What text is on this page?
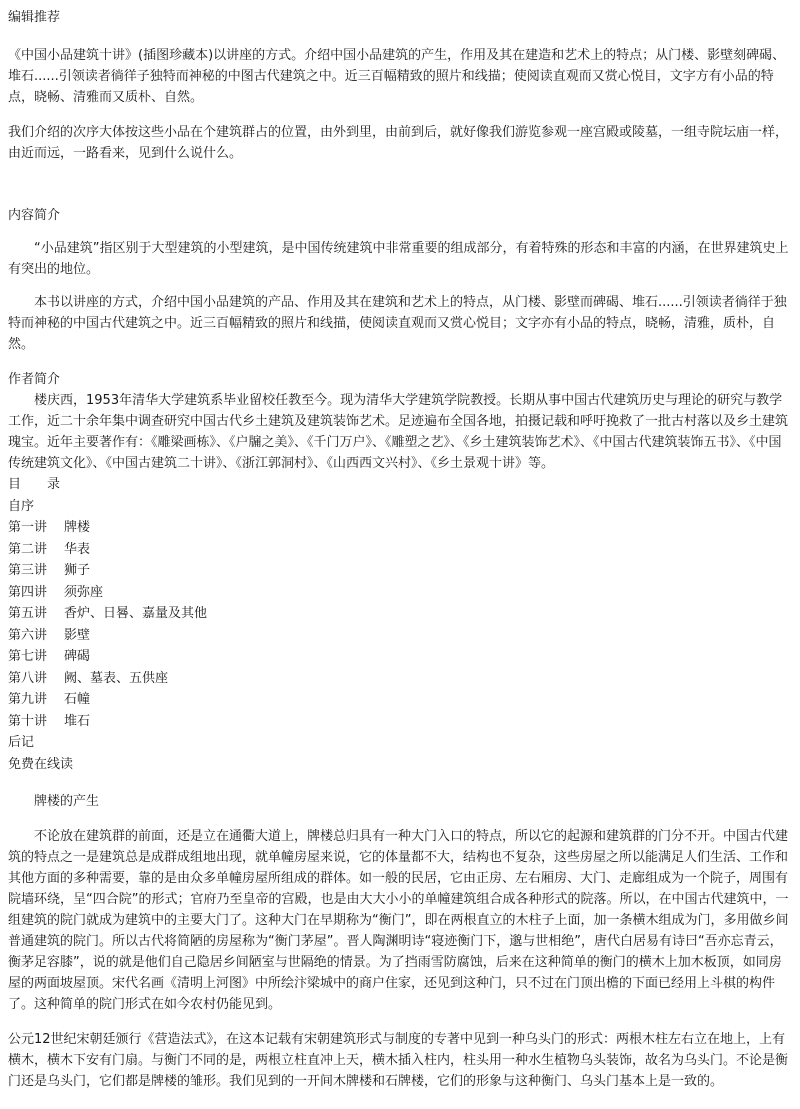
编辑推荐

《中国小品建筑十讲》(插图珍藏本)以讲座的方式。介绍中国小品建筑的产生，作用及其在建造和艺术上的特点；从门楼、影壁刻碑碣、堆石......引领读者徜徉子独特而神秘的中图古代建筑之中。近三百幅精致的照片和线描；使阅读直观而又赏心悦目，文字方有小品的特点，晓畅、清雅而又质朴、自然。

我们介绍的次序大体按这些小品在个建筑群占的位置，由外到里，由前到后，就好像我们游览参观一座宫殿或陵墓，一组寺院坛庙一样，由近而远，一路看来，见到什么说什么。

内容简介

“小品建筑”指区别于大型建筑的小型建筑，是中国传统建筑中非常重要的组成部分，有着特殊的形态和丰富的内涵，在世界建筑史上有突出的地位。

本书以讲座的方式，介绍中国小品建筑的产品、作用及其在建筑和艺术上的特点，从门楼、影壁而碑碣、堆石......引领读者徜徉于独特而神秘的中国古代建筑之中。近三百幅精致的照片和线描，使阅读直观而又赏心悦目；文字亦有小品的特点，晓畅，清雅，质朴，自然。

作者简介

楼庆西，1953年清华大学建筑系毕业留校任教至今。现为清华大学建筑学院教授。长期从事中国古代建筑历史与理论的研究与教学工作，近二十余年集中调查研究中国古代乡土建筑及建筑装饰艺术。足迹遍布全国各地，拍摄记载和呼吁挽救了一批古村落以及乡土建筑瑰宝。近年主要著作有：《雕梁画栋》、《户牖之美》、《千门万户》、《雕塑之艺》、《乡土建筑装饰艺术》、《中国古代建筑装饰五书》、《中国传统建筑文化》、《中国古建筑二十讲》、《浙江郭洞村》、《山西西文兴村》、《乡土景观十讲》等。

目　　录
自序
第一讲 牌楼
第二讲 华表
第三讲 狮子
第四讲 须弥座
第五讲 香炉、日晷、嘉量及其他
第六讲 影壁
第七讲 碑碣
第八讲 阙、墓表、五供座
第九讲 石幢
第十讲 堆石
后记
免费在线读

牌楼的产生

不论放在建筑群的前面，还是立在通衢大道上，牌楼总归具有一种大门入口的特点，所以它的起源和建筑群的门分不开。中国古代建筑的特点之一是建筑总是成群成组地出现，就单幢房屋来说，它的体量都不大，结构也不复杂，这些房屋之所以能满足人们生活、工作和其他方面的多种需要，靠的是由众多单幢房屋所组成的群体。如一般的民居，它由正房、左右厢房、大门、走廊组成为一个院子，周围有院墙环绕，呈“四合院”的形式；官府乃至皇帝的宫殿，也是由大大小小的单幢建筑组合成各种形式的院落。所以，在中国古代建筑中，一组建筑的院门就成为建筑中的主要大门了。这种大门在早期称为“衡门”，即在两根直立的木柱子上面，加一条横木组成为门，多用做乡间普通建筑的院门。所以古代将简陋的房屋称为“衡门茅屋”。晋人陶渊明诗“寝迹衡门下，邈与世相绝”，唐代白居易有诗曰“吾亦忘青云，衡茅足容膝”，说的就是他们自己隐居乡间陋室与世隔绝的情景。为了挡雨雪防腐蚀，后来在这种简单的衡门的横木上加木板顶，如同房屋的两面坡屋顶。宋代名画《清明上河图》中所绘汴梁城中的商户住家，还见到这种门，只不过在门顶出檐的下面已经用上斗棋的构件了。这种简单的院门形式在如今农村仍能见到。

公元12世纪宋朝廷颁行《营造法式》，在这本记载有宋朝建筑形式与制度的专著中见到一种乌头门的形式：两根木柱左右立在地上，上有横木，横木下安有门扇。与衡门不同的是，两根立柱直冲上天，横木插入柱内，柱头用一种水生植物乌头装饰，故名为乌头门。不论是衡门还是乌头门，它们都是牌楼的雏形。我们见到的一开间木牌楼和石牌楼，它们的形象与这种衡门、乌头门基本上是一致的。
